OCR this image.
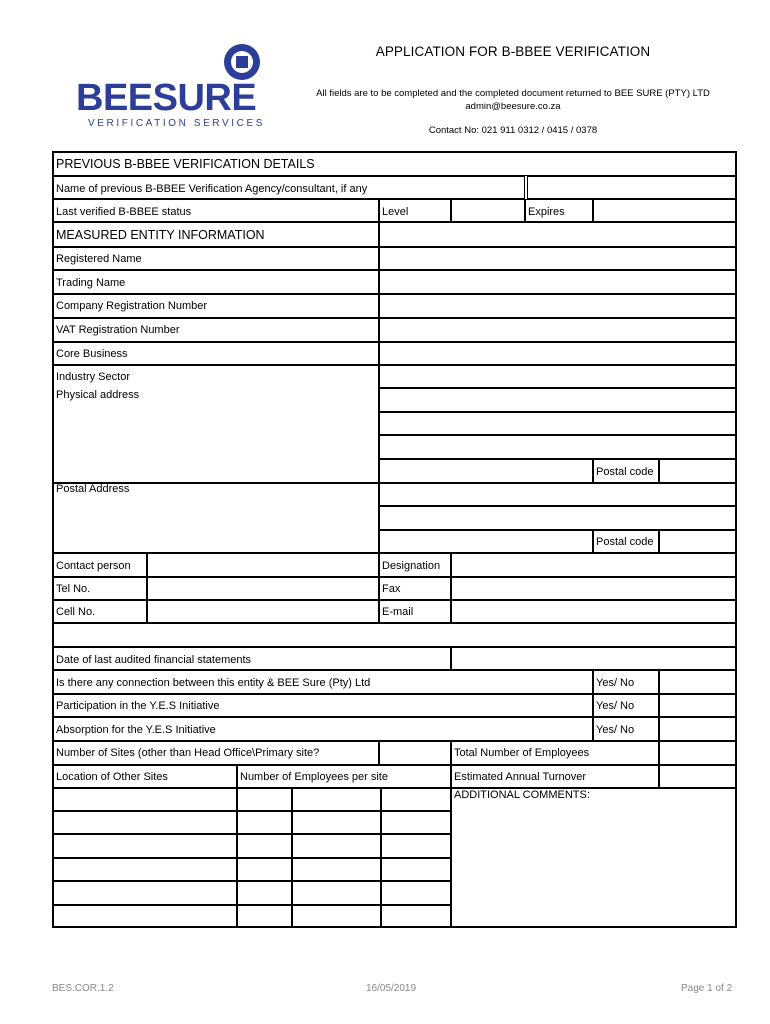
BEESURE
VERIFICATION SERVICES
APPLICATION FOR B-BBEE VERIFICATION
All fields are to be completed and the completed document returned to BEE SURE (PTY) LTD
admin@beesure.co.za
Contact No: 021 911 0312 / 0415 / 0378
PREVIOUS B-BBEE VERIFICATION DETAILS
Name of previous B-BBEE Verification Agency/consultant, if any
Last verified B-BBEE status	Level	Expires
MEASURED ENTITY INFORMATION
Registered Name
Trading Name
Company Registration Number
VAT Registration Number
Core Business
Industry Sector
Physical address
Postal code
Postal Address
Postal code
Contact person	Designation
Tel No.	Fax
Cell No.	E-mail
Date of last audited financial statements
Is there any connection between this entity & BEE Sure (Pty) Ltd	Yes/ No
Participation in the Y.E.S Initiative	Yes/ No
Absorption for the Y.E.S Initiative	Yes/ No
Number of Sites (other than Head Office\Primary site?	Total Number of Employees
Location of Other Sites	Number of Employees per site	Estimated Annual Turnover
ADDITIONAL COMMENTS:
BES.COR.1.2	16/05/2019	Page 1 of 2
